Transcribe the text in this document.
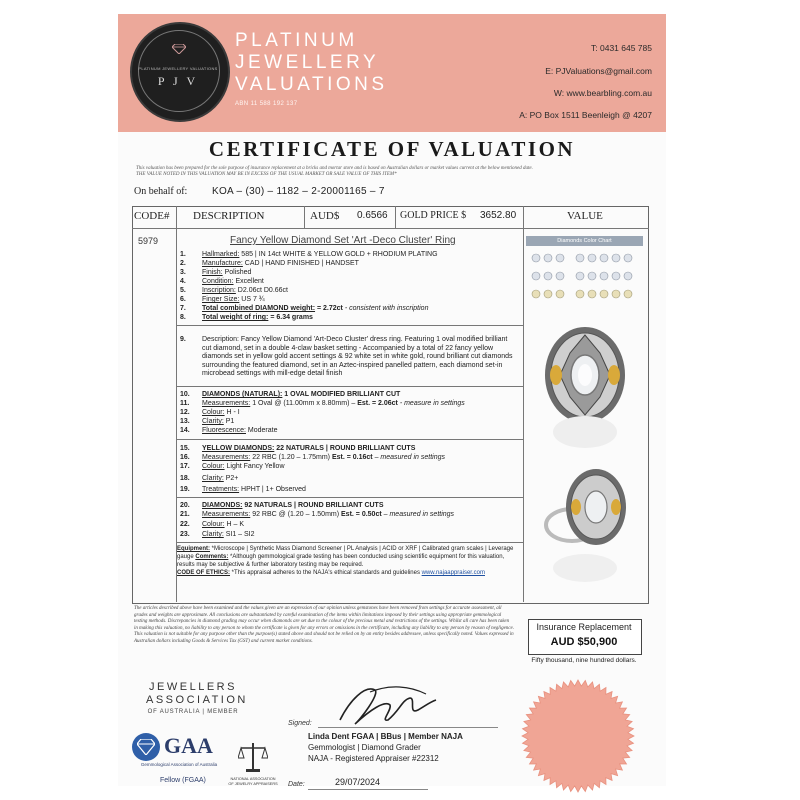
PLATINUM JEWELLERY VALUATIONS
P J V
PLATINUM
JEWELLERY
VALUATIONS
ABN 11 588 192 137
T: 0431 645 785
E: PJValuations@gmail.com
W: www.bearbling.com.au
A: PO Box 1511 Beenleigh @ 4207
CERTIFICATE OF VALUATION
This valuation has been prepared for the sole purpose of insurance replacement at a bricks and mortar store and is based on Australian dollars or market values current at the below mentioned date.
THE VALUE NOTED IN THIS VALUATION MAY BE IN EXCESS OF THE USUAL MARKET OR SALE VALUE OF THIS ITEM*
On behalf of: KOA – (30) – 1182 – 2-20001165 – 7
CODE# DESCRIPTION	AUD$ 0.6566 GOLD PRICE $ 3652.80	VALUE
5979	Fancy Yellow Diamond Set 'Art -Deco Cluster' Ring
1. Hallmarked: 585 | IN 14ct WHITE & YELLOW GOLD + RHODIUM PLATING
2. Manufacture: CAD | HAND FINISHED | HANDSET
3. Finish: Polished
4. Condition: Excellent
5. Inscription: D2.06ct D0.66ct
6. Finger Size: US 7 ¾
7. Total combined DIAMOND weight: = 2.72ct - consistent with inscription
8. Total weight of ring: = 6.34 grams
9.	Description: Fancy Yellow Diamond 'Art-Deco Cluster' dress ring. Featuring 1 oval modified brilliant cut diamond, set in a double 4-claw basket setting - Accompanied by a total of 22 fancy yellow diamonds set in yellow gold accent settings & 92 white set in white gold, round brilliant cut diamonds surrounding the featured diamond, set in an Aztec-inspired panelled pattern, each diamond set-in microbead settings with mill-edge detail finish
10. DIAMONDS (NATURAL): 1 OVAL MODIFIED BRILLIANT CUT
11. Measurements: 1 Oval @ (11.00mm x 8.80mm) – Est. = 2.06ct - measure in settings
12. Colour: H - I
13. Clarity: P1
14. Fluorescence: Moderate
15. YELLOW DIAMONDS: 22 NATURALS | ROUND BRILLIANT CUTS
16. Measurements: 22 RBC (1.20 – 1.75mm) Est. = 0.16ct – measured in settings
17. Colour: Light Fancy Yellow
18. Clarity: P2+
19. Treatments: HPHT | 1+ Observed
20. DIAMONDS: 92 NATURALS | ROUND BRILLIANT CUTS
21. Measurements: 92 RBC @ (1.20 – 1.50mm) Est. = 0.50ct – measured in settings
22. Colour: H – K
23. Clarity: SI1 – SI2
Equipment: *Microscope | Synthetic Mass Diamond Screener | PL Analysis | ACID or XRF | Calibrated gram scales | Leverage gauge Comments: *Although gemmological grade testing has been conducted using scientific equipment for this valuation, results may be subjective & further laboratory testing may be required.
CODE OF ETHICS: *This appraisal adheres to the NAJA's ethical standards and guidelines www.najaappraiser.com
Diamonds Color Chart
The articles described above have been examined and the values given are an expression of our opinion unless gemstones have been removed from settings for accurate assessment, all grades and weights are approximate. All conclusions are substantiated by careful examination of the items within limitations imposed by their settings using appropriate gemmological testing methods. Discrepancies in diamond grading may occur when diamonds are set due to the colour of the precious metal and restrictions of the settings. Whilst all care has been taken in making this valuation, no liability to any person to whom the certificate is given for any errors or omissions in the certificate, including any liability to any person by reason of negligence. This valuation is not suitable for any purpose other than the purpose(s) stated above and should not be relied on by an entity besides addressee, unless specifically noted. Values expressed in Australian dollars including Goods & Services Tax (GST) and current market conditions.
Insurance Replacement
AUD $50,900
Fifty thousand, nine hundred dollars.
JEWELLERS
ASSOCIATION
OF AUSTRALIA | MEMBER
GAA
Gemmological Association of Australia
Fellow (FGAA)	NATIONAL ASSOCIATION OF JEWELRY APPRAISERS
Signed:
Linda Dent FGAA | BBus | Member NAJA
Gemmologist | Diamond Grader
NAJA - Registered Appraiser #22312
Date:	29/07/2024
